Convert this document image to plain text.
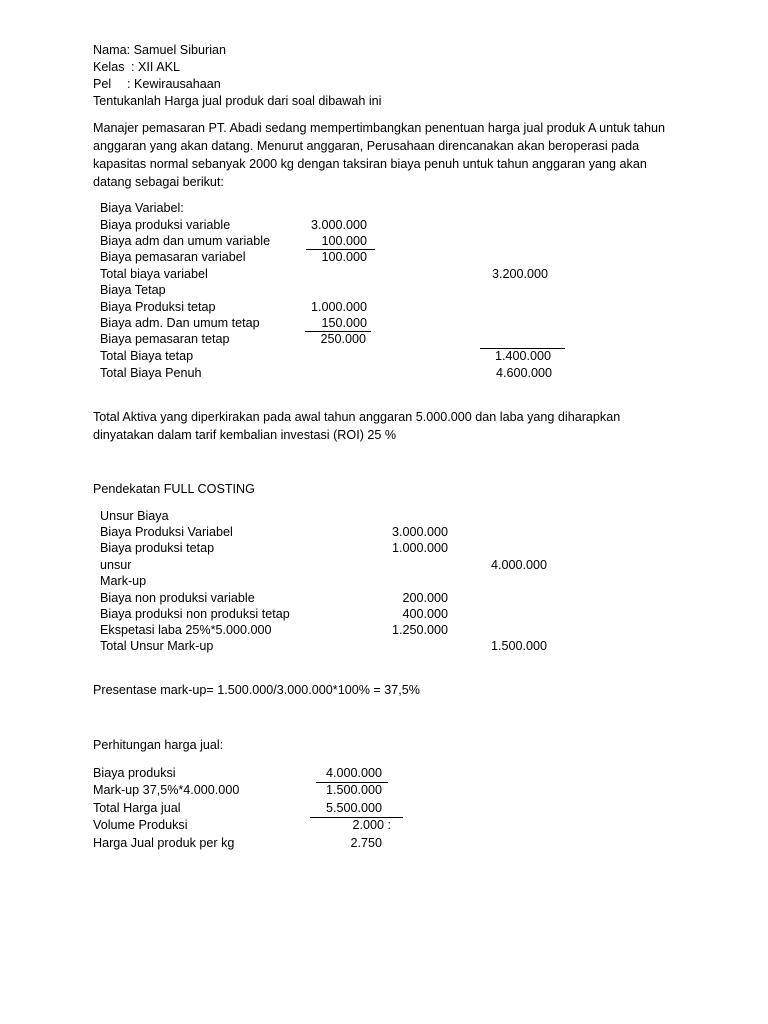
Nama: Samuel Siburian
Kelas : XII AKL
Pel : Kewirausahaan
Tentukanlah Harga jual produk dari soal dibawah ini
Manajer pemasaran PT. Abadi sedang mempertimbangkan penentuan harga jual produk A untuk tahun anggaran yang akan datang. Menurut anggaran, Perusahaan direncanakan akan beroperasi pada kapasitas normal sebanyak 2000 kg dengan taksiran biaya penuh untuk tahun anggaran yang akan datang sebagai berikut:
Biaya Variabel:
Biaya produksi variable	3.000.000
Biaya adm dan umum variable	100.000
Biaya pemasaran variabel	100.000
Total biaya variabel	3.200.000
Biaya Tetap
Biaya Produksi tetap	1.000.000
Biaya adm. Dan umum tetap	150.000
Biaya pemasaran tetap	250.000
Total Biaya tetap	1.400.000
Total Biaya Penuh	4.600.000
Total Aktiva yang diperkirakan pada awal tahun anggaran 5.000.000 dan laba yang diharapkan dinyatakan dalam tarif kembalian investasi (ROI) 25 %
Pendekatan FULL COSTING
Unsur Biaya
Biaya Produksi Variabel	3.000.000
Biaya produksi tetap	1.000.000
unsur	4.000.000
Mark-up
Biaya non produksi variable	200.000
Biaya produksi non produksi tetap	400.000
Ekspetasi laba 25%*5.000.000	1.250.000
Total Unsur Mark-up	1.500.000
Presentase mark-up= 1.500.000/3.000.000*100% = 37,5%
Perhitungan harga jual:
Biaya produksi	4.000.000
Mark-up 37,5%*4.000.000	1.500.000
Total Harga jual	5.500.000
Volume Produksi	2.000 :
Harga Jual produk per kg	2.750
